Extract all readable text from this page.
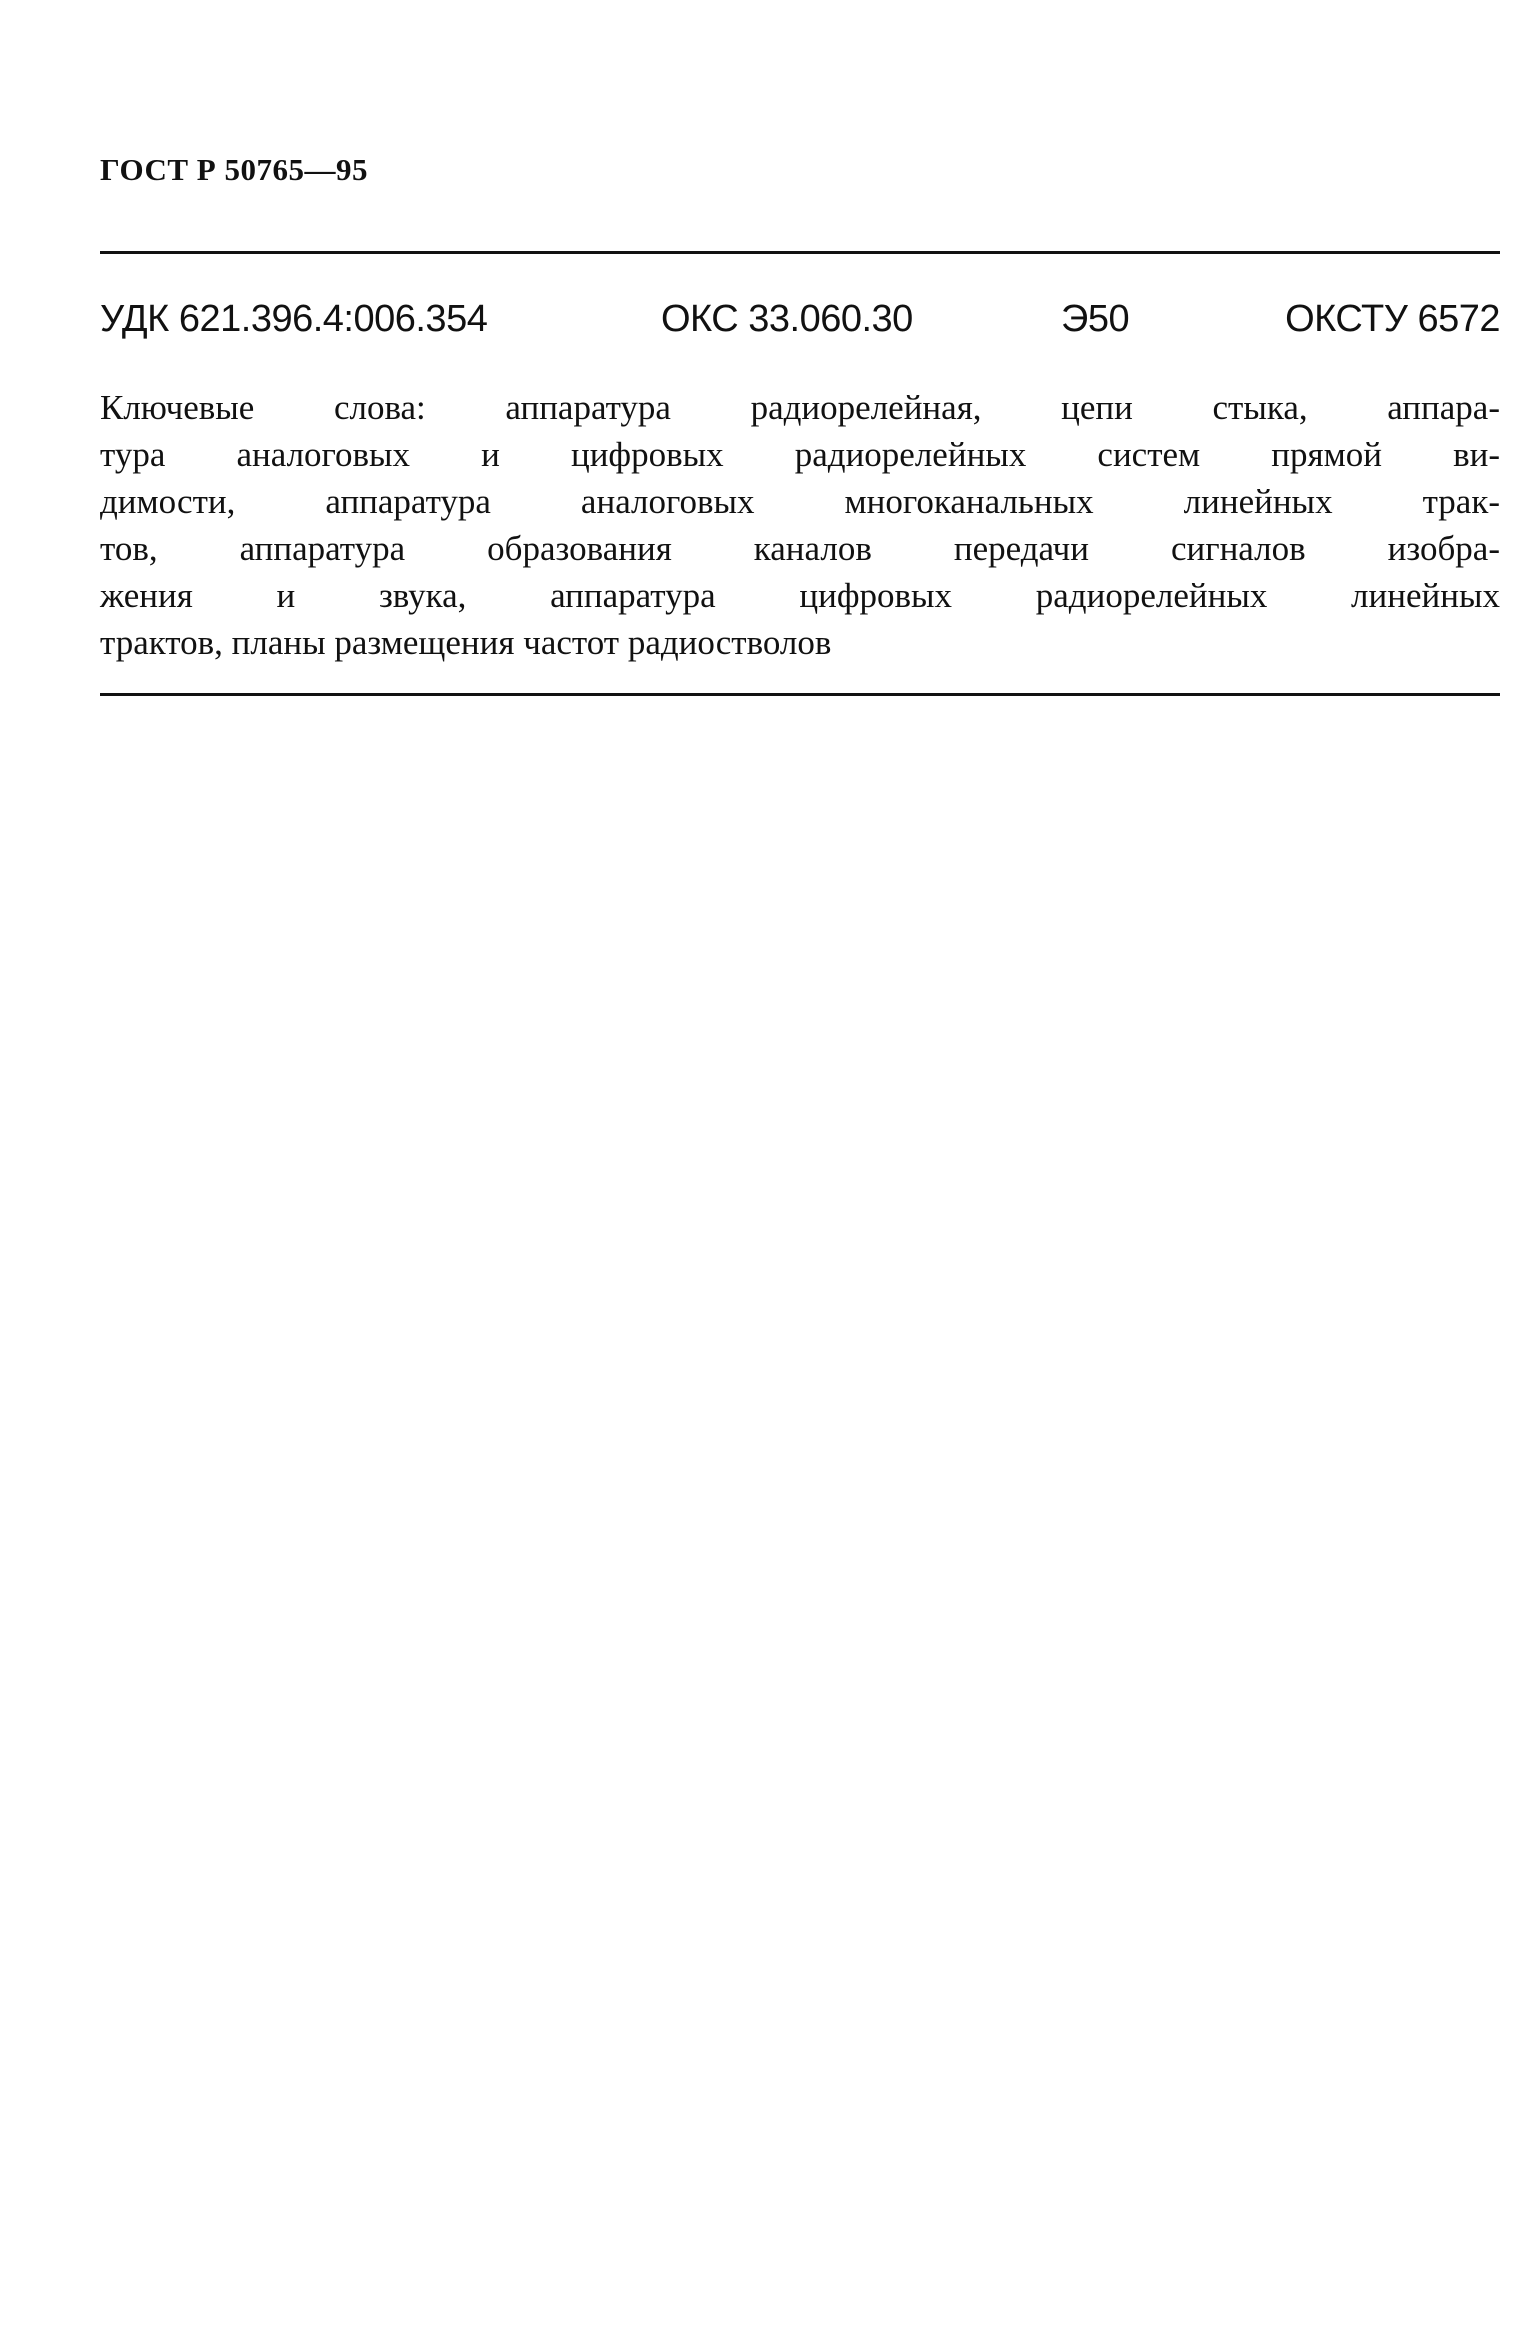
ГОСТ Р 50765—95
УДК 621.396.4:006.354	ОКС 33.060.30	Э50	ОКСТУ 6572
Ключевые слова: аппаратура радиорелейная, цепи стыка, аппара-
тура аналоговых и цифровых радиорелейных систем прямой ви-
димости, аппаратура аналоговых многоканальных линейных трак-
тов, аппаратура образования каналов передачи сигналов изобра-
жения и звука, аппаратура цифровых радиорелейных линейных
трактов, планы размещения частот радиостволов
